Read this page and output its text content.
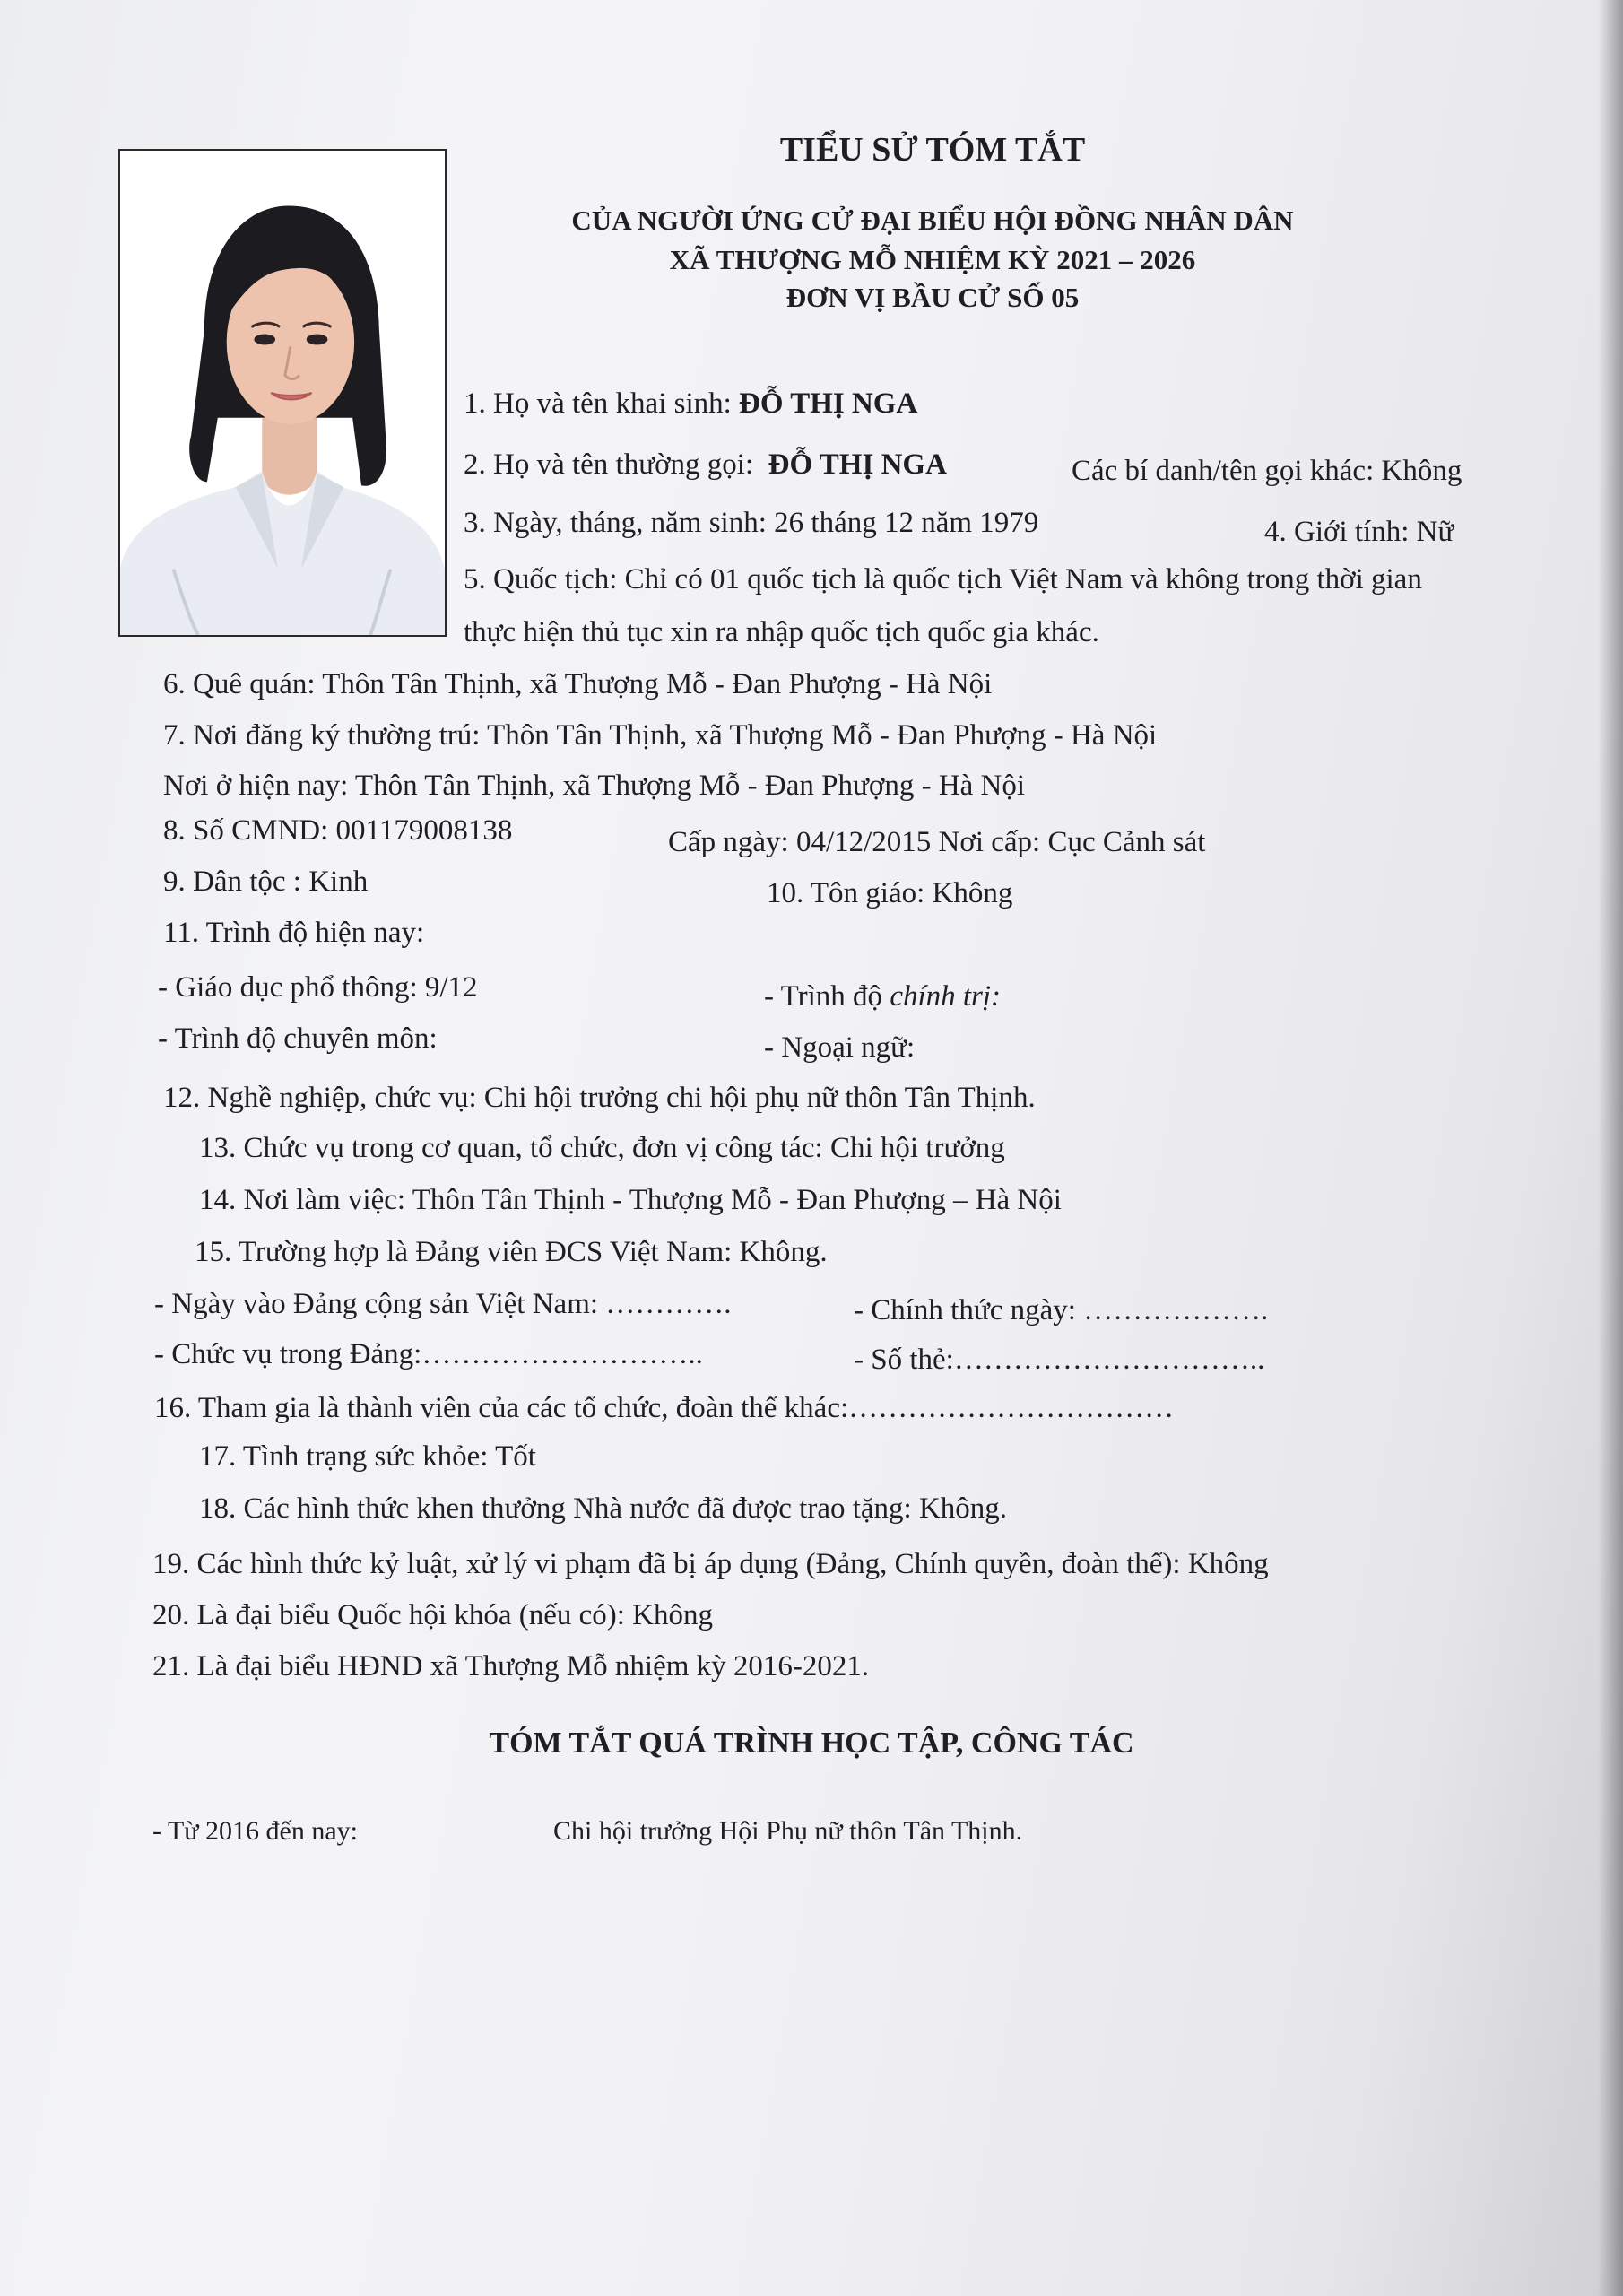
TIỂU SỬ TÓM TẮT

CỦA NGƯỜI ỨNG CỬ ĐẠI BIỂU HỘI ĐỒNG NHÂN DÂN

XÃ THƯỢNG MỖ NHIỆM KỲ 2021 – 2026

ĐƠN VỊ BẦU CỬ SỐ 05

1. Họ và tên khai sinh: ĐỖ THỊ NGA

2. Họ và tên thường gọi: ĐỖ THỊ NGA	Các bí danh/tên gọi khác: Không

3. Ngày, tháng, năm sinh: 26 tháng 12 năm 1979	4. Giới tính: Nữ

5. Quốc tịch: Chỉ có 01 quốc tịch là quốc tịch Việt Nam và không trong thời gian

thực hiện thủ tục xin ra nhập quốc tịch quốc gia khác.

6. Quê quán: Thôn Tân Thịnh, xã Thượng Mỗ - Đan Phượng - Hà Nội

7. Nơi đăng ký thường trú: Thôn Tân Thịnh, xã Thượng Mỗ - Đan Phượng - Hà Nội

Nơi ở hiện nay: Thôn Tân Thịnh, xã Thượng Mỗ - Đan Phượng - Hà Nội

8. Số CMND: 001179008138	Cấp ngày: 04/12/2015 Nơi cấp: Cục Cảnh sát

9. Dân tộc : Kinh	10. Tôn giáo: Không

11. Trình độ hiện nay:

- Giáo dục phổ thông: 9/12	- Trình độ chính trị:

- Trình độ chuyên môn:	- Ngoại ngữ:

12. Nghề nghiệp, chức vụ: Chi hội trưởng chi hội phụ nữ thôn Tân Thịnh.

13. Chức vụ trong cơ quan, tổ chức, đơn vị công tác: Chi hội trưởng

14. Nơi làm việc: Thôn Tân Thịnh - Thượng Mỗ - Đan Phượng – Hà Nội

15. Trường hợp là Đảng viên ĐCS Việt Nam: Không.

- Ngày vào Đảng cộng sản Việt Nam: ………….	- Chính thức ngày: ……………….

- Chức vụ trong Đảng:………………………..	- Số thẻ:…………………………..

16. Tham gia là thành viên của các tổ chức, đoàn thể khác:……………………………

17. Tình trạng sức khỏe: Tốt

18. Các hình thức khen thưởng Nhà nước đã được trao tặng: Không.

19. Các hình thức kỷ luật, xử lý vi phạm đã bị áp dụng (Đảng, Chính quyền, đoàn thể): Không

20. Là đại biểu Quốc hội khóa (nếu có): Không

21. Là đại biểu HĐND xã Thượng Mỗ nhiệm kỳ 2016-2021.

TÓM TẮT QUÁ TRÌNH HỌC TẬP, CÔNG TÁC

- Từ 2016 đến nay:	Chi hội trưởng Hội Phụ nữ thôn Tân Thịnh.
